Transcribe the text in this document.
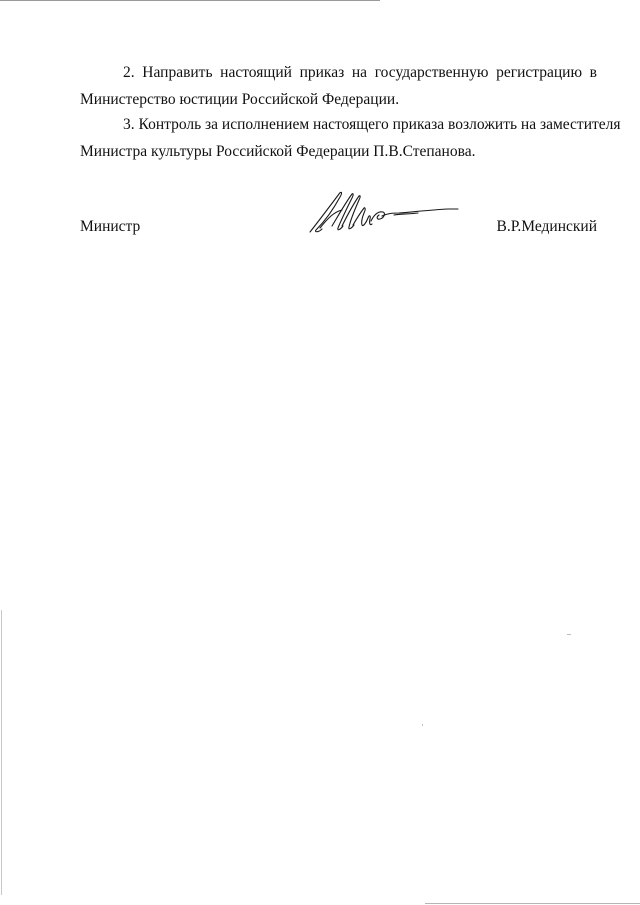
2. Направить настоящий приказ на государственную регистрацию в
Министерство юстиции Российской Федерации.

3. Контроль за исполнением настоящего приказа возложить на заместителя
Министра культуры Российской Федерации П.В.Степанова.

Министр	В.Р.Мединский
